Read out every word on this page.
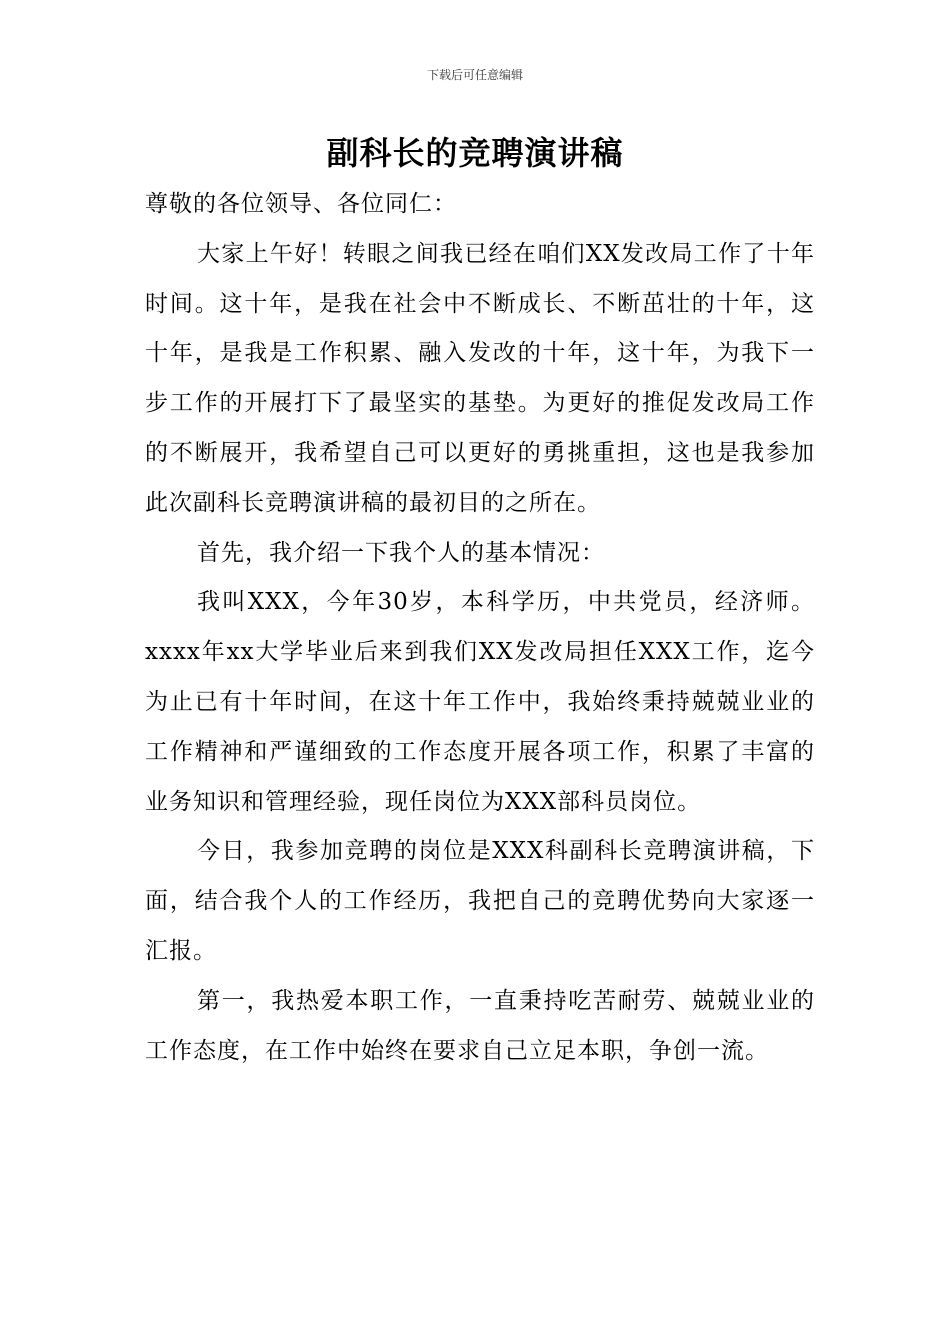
下载后可任意编辑
副科长的竞聘演讲稿

尊敬的各位领导、各位同仁：

大家上午好！转眼之间我已经在咱们XX发改局工作了十年时间。这十年，是我在社会中不断成长、不断茁壮的十年，这十年，是我是工作积累、融入发改的十年，这十年，为我下一步工作的开展打下了最坚实的基垫。为更好的推促发改局工作的不断展开，我希望自己可以更好的勇挑重担，这也是我参加此次副科长竞聘演讲稿的最初目的之所在。

首先，我介绍一下我个人的基本情况：

我叫XXX，今年30岁，本科学历，中共党员，经济师。xxxx年xx大学毕业后来到我们XX发改局担任XXX工作，迄今为止已有十年时间，在这十年工作中，我始终秉持兢兢业业的工作精神和严谨细致的工作态度开展各项工作，积累了丰富的业务知识和管理经验，现任岗位为XXX部科员岗位。

今日，我参加竞聘的岗位是XXX科副科长竞聘演讲稿，下面，结合我个人的工作经历，我把自己的竞聘优势向大家逐一汇报。

第一，我热爱本职工作，一直秉持吃苦耐劳、兢兢业业的工作态度，在工作中始终在要求自己立足本职，争创一流。
